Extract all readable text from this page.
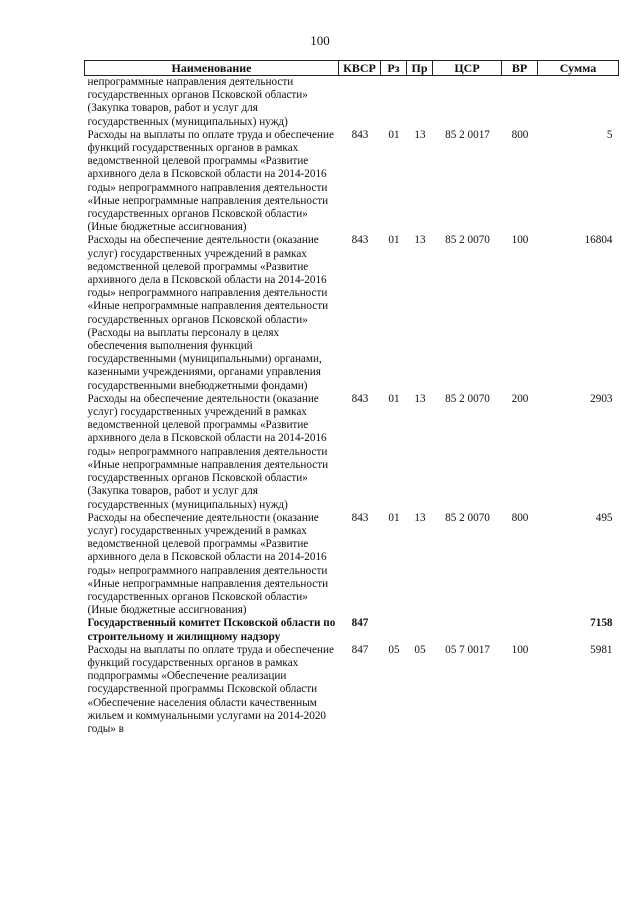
100
Наименование	КВСР	Рз	Пр	ЦСР	ВР	Сумма
непрограммные направления деятельности государственных органов Псковской области» (Закупка товаров, работ и услуг для государственных (муниципальных) нужд)						
Расходы на выплаты по оплате труда и обеспечение функций государственных органов в рамках ведомственной целевой программы «Развитие архивного дела в Псковской области на 2014-2016 годы» непрограммного направления деятельности «Иные непрограммные направления деятельности государственных органов Псковской области» (Иные бюджетные ассигнования)	843	01	13	85 2 0017	800	5
Расходы на обеспечение деятельности (оказание услуг) государственных учреждений в рамках ведомственной целевой программы «Развитие архивного дела в Псковской области на 2014-2016 годы» непрограммного направления деятельности «Иные непрограммные направления деятельности государственных органов Псковской области» (Расходы на выплаты персоналу в целях обеспечения выполнения функций государственными (муниципальными) органами, казенными учреждениями, органами управления государственными внебюджетными фондами)	843	01	13	85 2 0070	100	16804
Расходы на обеспечение деятельности (оказание услуг) государственных учреждений в рамках ведомственной целевой программы «Развитие архивного дела в Псковской области на 2014-2016 годы» непрограммного направления деятельности «Иные непрограммные направления деятельности государственных органов Псковской области» (Закупка товаров, работ и услуг для государственных (муниципальных) нужд)	843	01	13	85 2 0070	200	2903
Расходы на обеспечение деятельности (оказание услуг) государственных учреждений в рамках ведомственной целевой программы «Развитие архивного дела в Псковской области на 2014-2016 годы» непрограммного направления деятельности «Иные непрограммные направления деятельности государственных органов Псковской области» (Иные бюджетные ассигнования)	843	01	13	85 2 0070	800	495
Государственный комитет Псковской области по строительному и жилищному надзору	847					7158
Расходы на выплаты по оплате труда и обеспечение функций государственных органов в рамках подпрограммы «Обеспечение реализации государственной программы Псковской области «Обеспечение населения области качественным жильем и коммунальными услугами на 2014-2020 годы» в	847	05	05	05 7 0017	100	5981
